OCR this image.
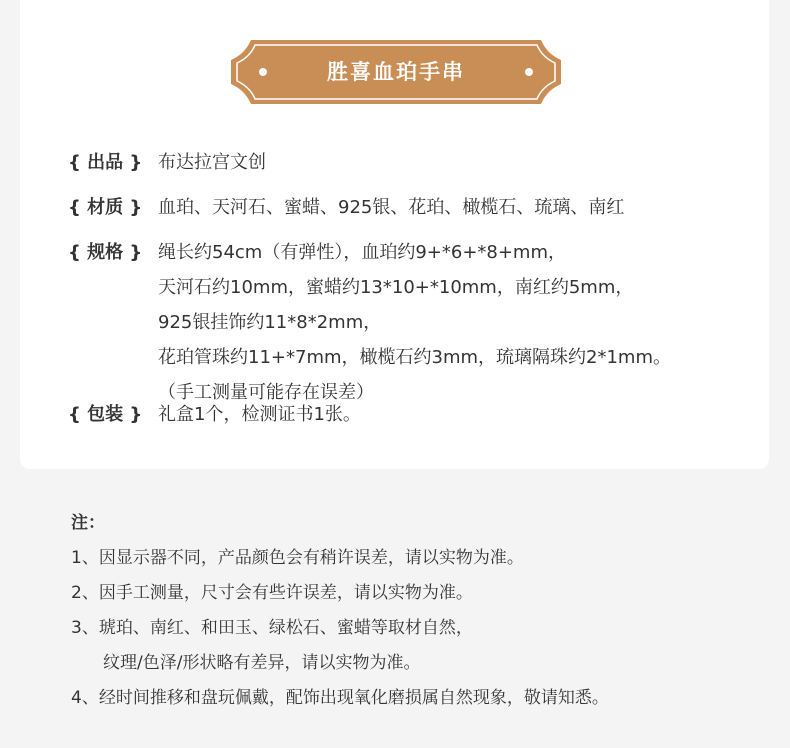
胜喜血珀手串
{ 出品 } 布达拉宫文创
{ 材质 } 血珀、天河石、蜜蜡、925银、花珀、橄榄石、琉璃、南红
{ 规格 } 绳长约54cm（有弹性），血珀约9+*6+*8+mm，
天河石约10mm，蜜蜡约13*10+*10mm，南红约5mm，
925银挂饰约11*8*2mm，
花珀管珠约11+*7mm，橄榄石约3mm，琉璃隔珠约2*1mm。
（手工测量可能存在误差）
{ 包装 } 礼盒1个，检测证书1张。
注：
1、因显示器不同，产品颜色会有稍许误差，请以实物为准。
2、因手工测量，尺寸会有些许误差，请以实物为准。
3、琥珀、南红、和田玉、绿松石、蜜蜡等取材自然，
纹理/色泽/形状略有差异，请以实物为准。
4、经时间推移和盘玩佩戴，配饰出现氧化磨损属自然现象，敬请知悉。
